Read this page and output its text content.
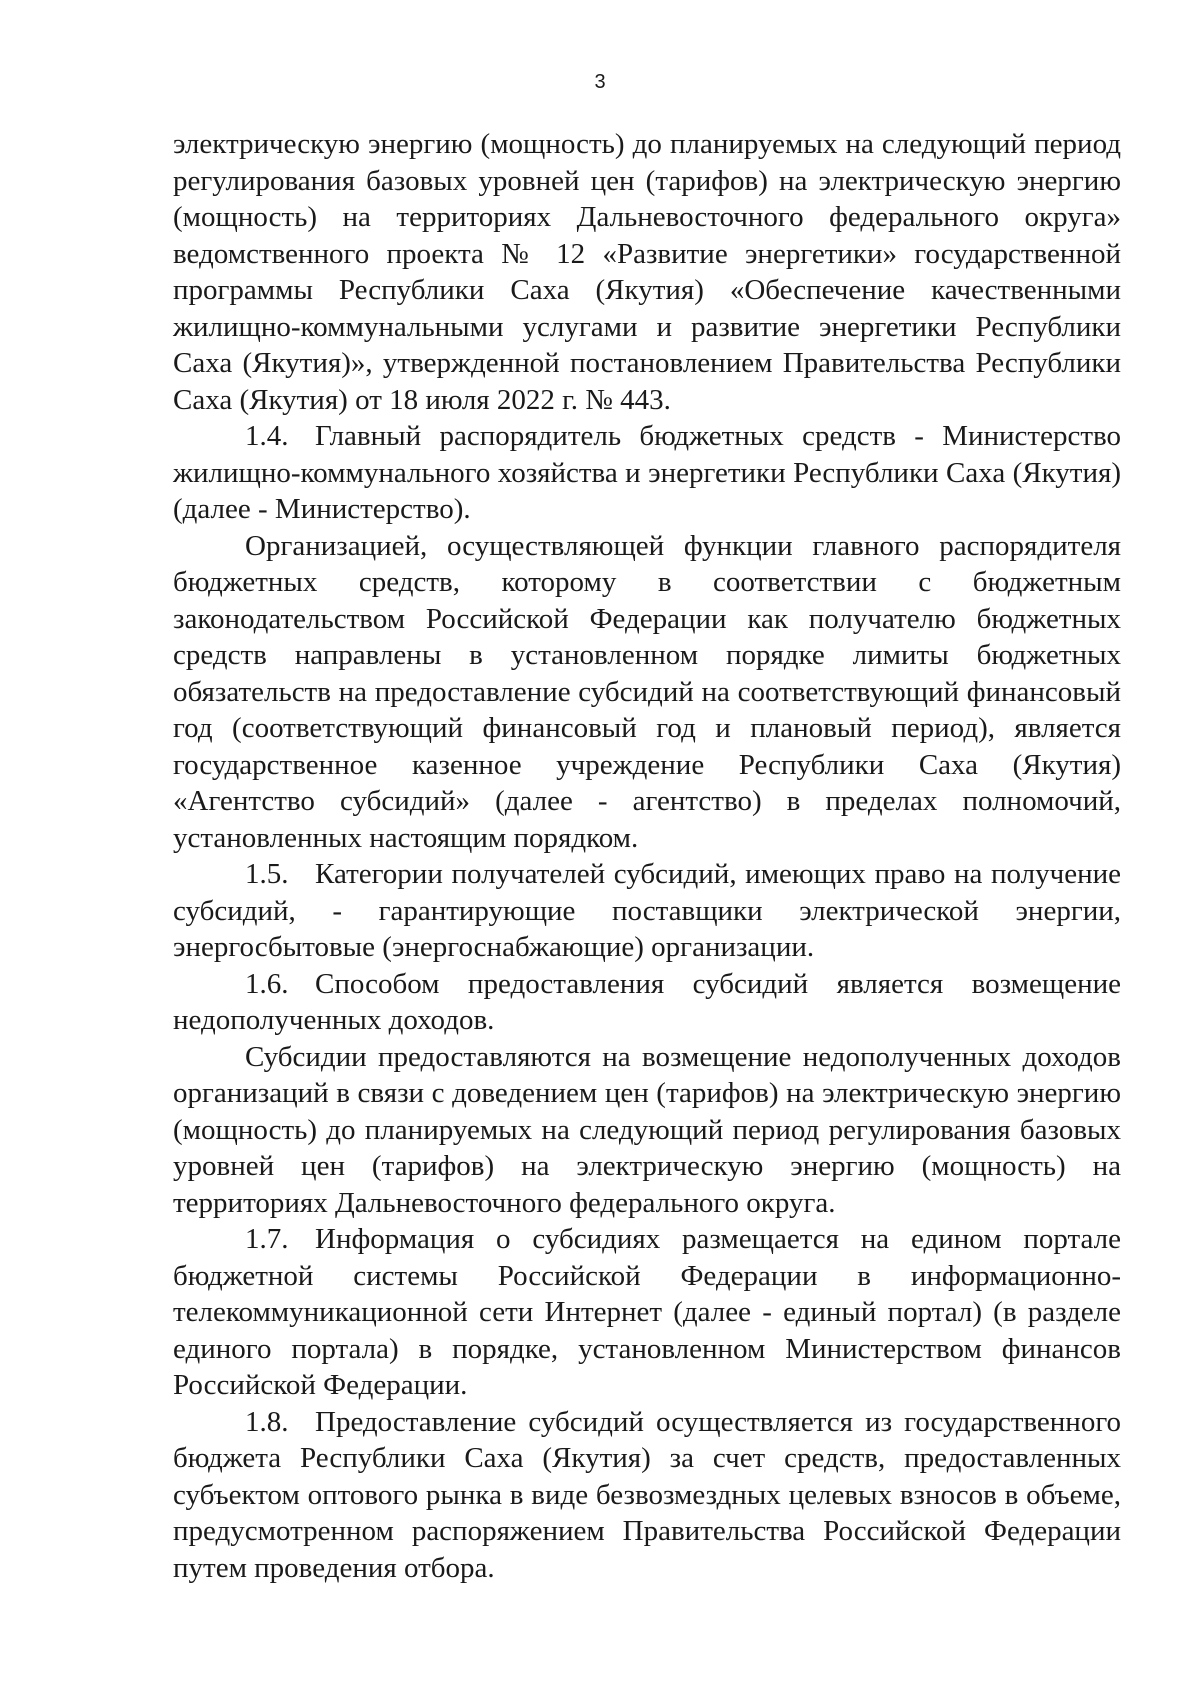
3

электрическую энергию (мощность) до планируемых на следующий период регулирования базовых уровней цен (тарифов) на электрическую энергию (мощность) на территориях Дальневосточного федерального округа» ведомственного проекта № 12 «Развитие энергетики» государственной программы Республики Саха (Якутия) «Обеспечение качественными жилищно-коммунальными услугами и развитие энергетики Республики Саха (Якутия)», утвержденной постановлением Правительства Республики Саха (Якутия) от 18 июля 2022 г. № 443.

1.4. Главный распорядитель бюджетных средств - Министерство жилищно-коммунального хозяйства и энергетики Республики Саха (Якутия) (далее - Министерство).

Организацией, осуществляющей функции главного распорядителя бюджетных средств, которому в соответствии с бюджетным законодательством Российской Федерации как получателю бюджетных средств направлены в установленном порядке лимиты бюджетных обязательств на предоставление субсидий на соответствующий финансовый год (соответствующий финансовый год и плановый период), является государственное казенное учреждение Республики Саха (Якутия) «Агентство субсидий» (далее - агентство) в пределах полномочий, установленных настоящим порядком.

1.5. Категории получателей субсидий, имеющих право на получение субсидий, - гарантирующие поставщики электрической энергии, энергосбытовые (энергоснабжающие) организации.

1.6. Способом предоставления субсидий является возмещение недополученных доходов.

Субсидии предоставляются на возмещение недополученных доходов организаций в связи с доведением цен (тарифов) на электрическую энергию (мощность) до планируемых на следующий период регулирования базовых уровней цен (тарифов) на электрическую энергию (мощность) на территориях Дальневосточного федерального округа.

1.7. Информация о субсидиях размещается на едином портале бюджетной системы Российской Федерации в информационно-телекоммуникационной сети Интернет (далее - единый портал) (в разделе единого портала) в порядке, установленном Министерством финансов Российской Федерации.

1.8. Предоставление субсидий осуществляется из государственного бюджета Республики Саха (Якутия) за счет средств, предоставленных субъектом оптового рынка в виде безвозмездных целевых взносов в объеме, предусмотренном распоряжением Правительства Российской Федерации путем проведения отбора.
